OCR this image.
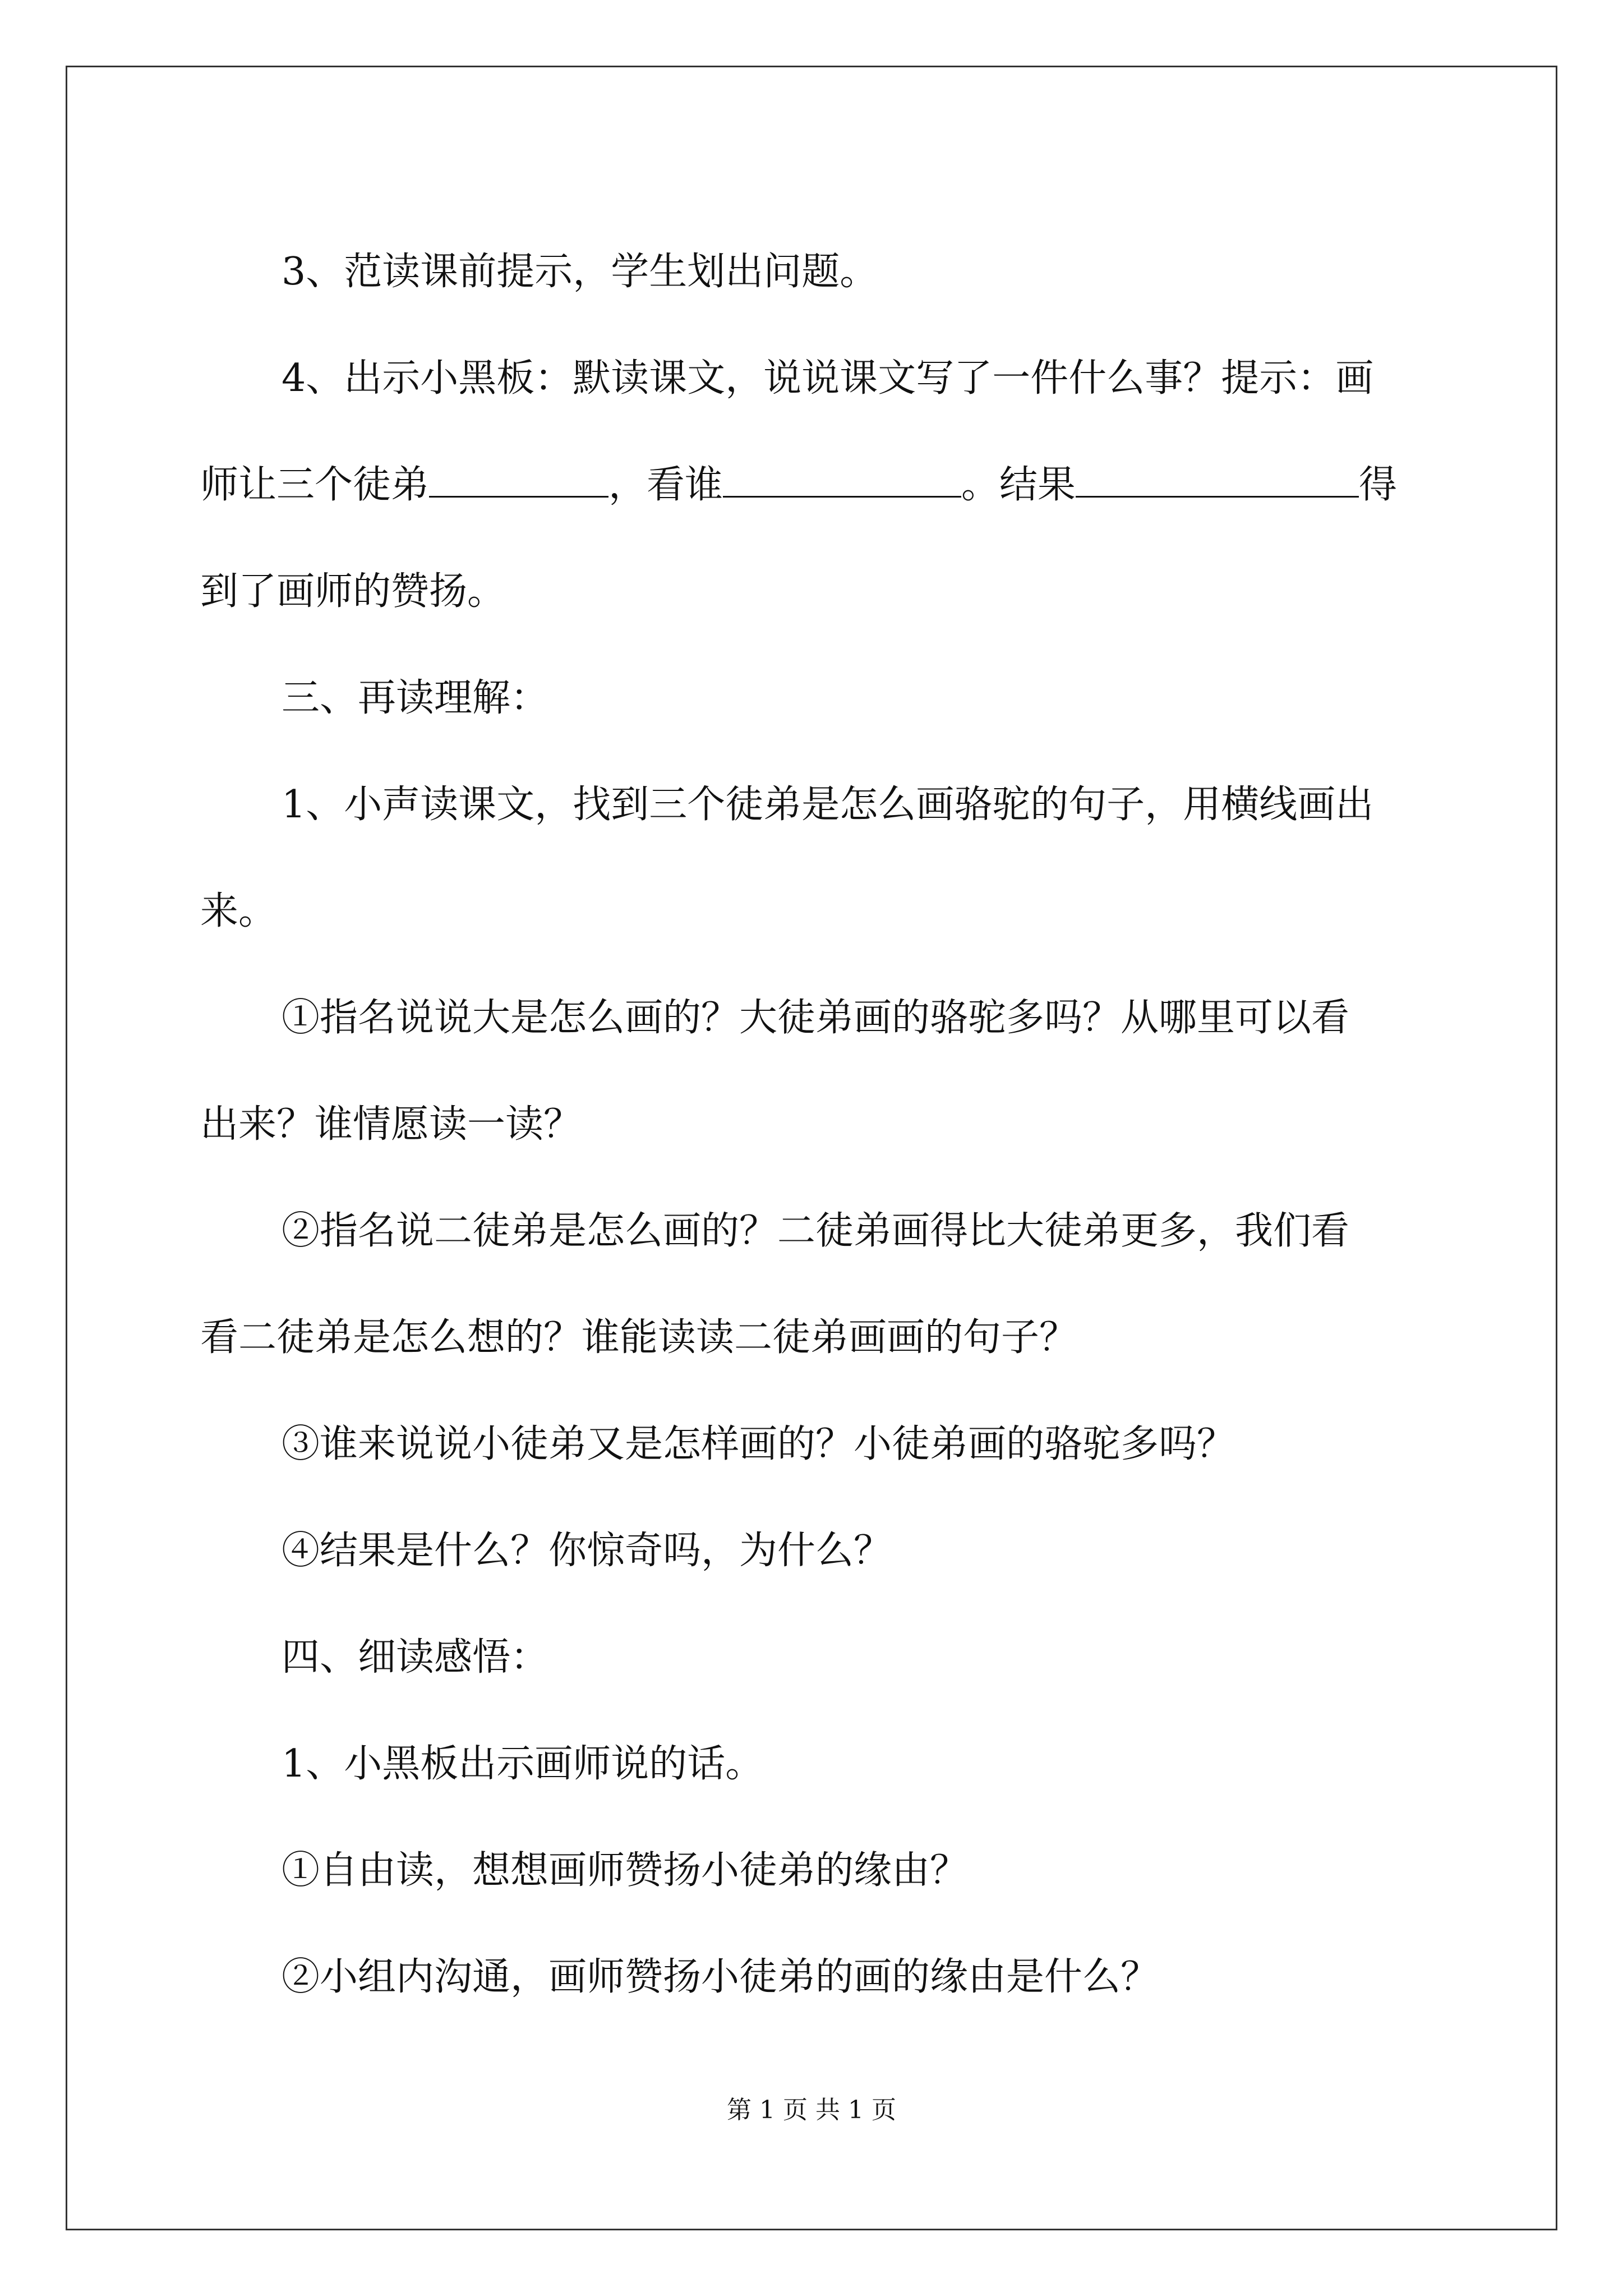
3、范读课前提示，学生划出问题。

4、出示小黑板：默读课文，说说课文写了一件什么事？提示：画

师让三个徒弟	，看谁	。结果	得

到了画师的赞扬。

三、再读理解：

1、小声读课文，找到三个徒弟是怎么画骆驼的句子，用横线画出

来。

①指名说说大是怎么画的？大徒弟画的骆驼多吗？从哪里可以看

出来？谁情愿读一读？

②指名说二徒弟是怎么画的？二徒弟画得比大徒弟更多，我们看

看二徒弟是怎么想的？谁能读读二徒弟画画的句子？

③谁来说说小徒弟又是怎样画的？小徒弟画的骆驼多吗？

④结果是什么？你惊奇吗，为什么？

四、细读感悟：

1、小黑板出示画师说的话。

①自由读，想想画师赞扬小徒弟的缘由？

②小组内沟通，画师赞扬小徒弟的画的缘由是什么？

第 1 页 共 1 页
